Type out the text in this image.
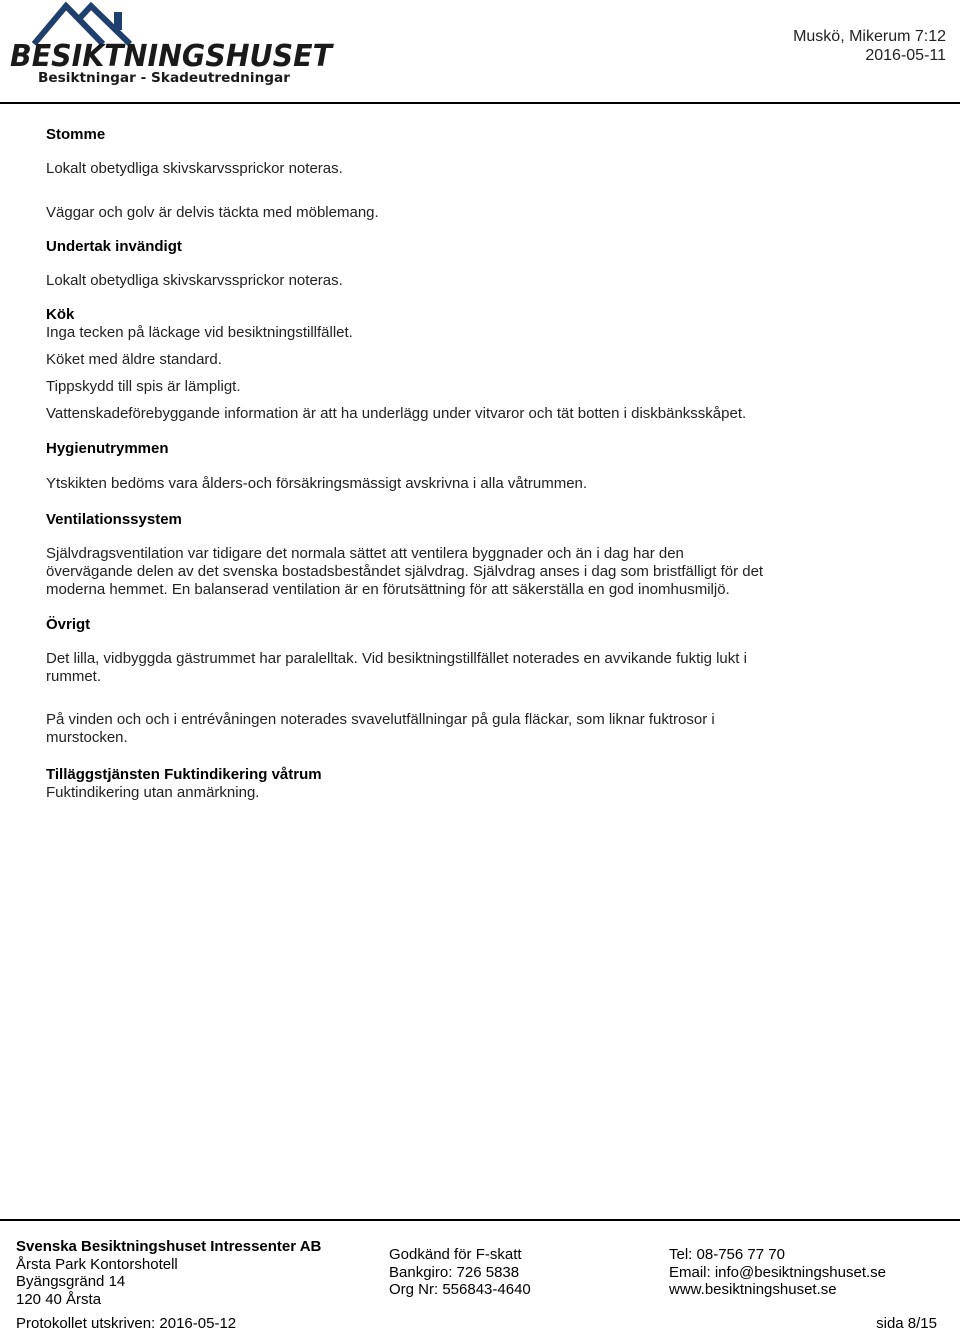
BESIKTNINGSHUSET
Besiktningar - Skadeutredningar
Muskö, Mikerum 7:12
2016-05-11
Stomme
Lokalt obetydliga skivskarvssprickor noteras.
Väggar och golv är delvis täckta med möblemang.
Undertak invändigt
Lokalt obetydliga skivskarvssprickor noteras.
Kök
Inga tecken på läckage vid besiktningstillfället.
Köket med äldre standard.
Tippskydd till spis är lämpligt.
Vattenskadeförebyggande information är att ha underlägg under vitvaror och tät botten i diskbänksskåpet.
Hygienutrymmen
Ytskikten bedöms vara ålders-och försäkringsmässigt avskrivna i alla våtrummen.
Ventilationssystem
Självdragsventilation var tidigare det normala sättet att ventilera byggnader och än i dag har den
övervägande delen av det svenska bostadsbeståndet självdrag. Självdrag anses i dag som bristfälligt för det
moderna hemmet. En balanserad ventilation är en förutsättning för att säkerställa en god inomhusmiljö.
Övrigt
Det lilla, vidbyggda gästrummet har paralelltak. Vid besiktningstillfället noterades en avvikande fuktig lukt i
rummet.
På vinden och och i entrévåningen noterades svavelutfällningar på gula fläckar, som liknar fuktrosor i
murstocken.
Tilläggstjänsten Fuktindikering våtrum
Fuktindikering utan anmärkning.
Svenska Besiktningshuset Intressenter AB
Årsta Park Kontorshotell
Byängsgränd 14
120 40 Årsta
Godkänd för F-skatt
Bankgiro: 726 5838
Org Nr: 556843-4640
Tel: 08-756 77 70
Email: info@besiktningshuset.se
www.besiktningshuset.se
Protokollet utskriven: 2016-05-12	sida 8/15
